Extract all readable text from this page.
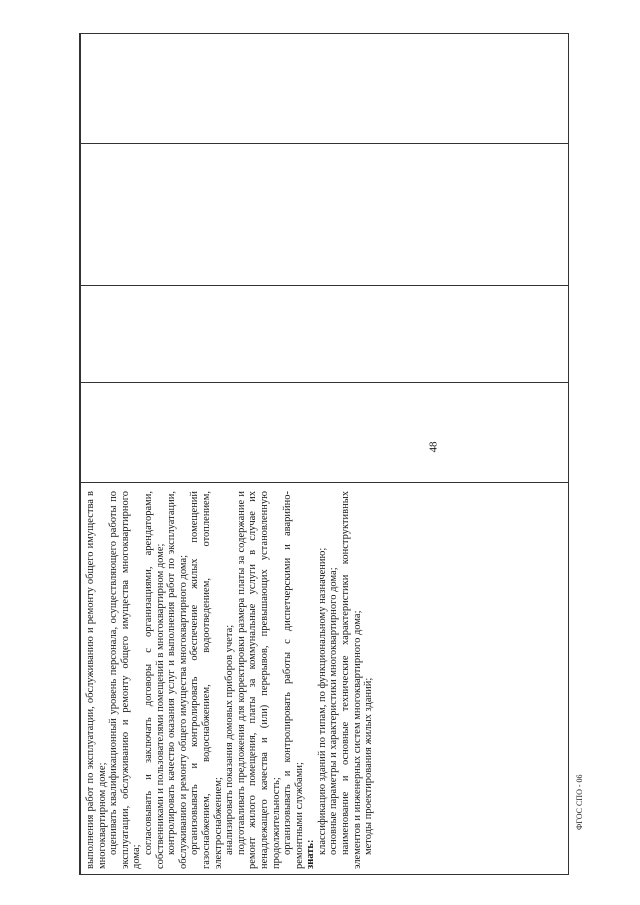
48

выполнения работ по эксплуатации, обслуживанию и ремонту общего имущества в многоквартирном доме; оценивать квалификационный уровень персонала, осуществляющего работы по эксплуатации, обслуживанию и ремонту общего имущества многоквартирного дома;

согласовывать и заключать договоры с организациями, арендаторами, собственниками и пользователями помещений в многоквартирном доме; контролировать качество оказания услуг и выполнения работ по эксплуатации, обслуживанию и ремонту общего имущества многоквартирного дома; организовывать и контролировать обеспечение жилых помещений газоснабжением, водоснабжением, водоотведением, отоплением, электроснабжением; анализировать показания домовых приборов учета; подготавливать предложения для корректировки размера платы за содержание и ремонт жилого помещения, платы за коммунальные услуги в случае их ненадлежащего качества и (или) перерывов, превышающих установленную продолжительность; организовывать и контролировать работы с диспетчерскими и аварийно-ремонтными службами; знать: классификацию зданий по типам, по функциональному назначению; основные параметры и характеристики многоквартирного дома; наименование и основные технические характеристики конструктивных элементов и инженерных систем многоквартирного дома; методы проектирования жилых зданий;	ФГОС СПО - 06
